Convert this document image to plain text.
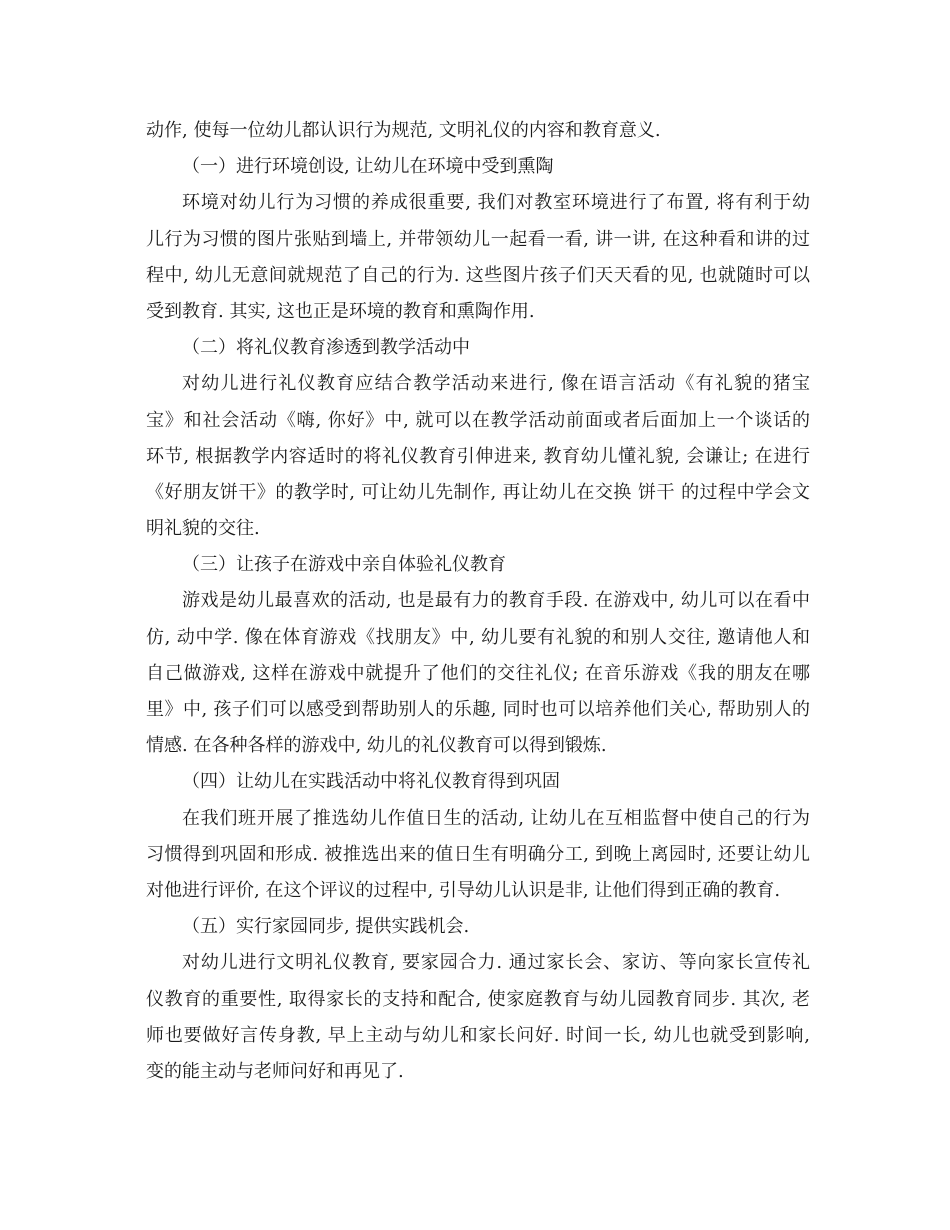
动作, 使每一位幼儿都认识行为规范, 文明礼仪的内容和教育意义.
（一）进行环境创设, 让幼儿在环境中受到熏陶
环境对幼儿行为习惯的养成很重要, 我们对教室环境进行了布置, 将有利于幼
儿行为习惯的图片张贴到墙上, 并带领幼儿一起看一看, 讲一讲, 在这种看和讲的过
程中, 幼儿无意间就规范了自己的行为. 这些图片孩子们天天看的见, 也就随时可以
受到教育. 其实, 这也正是环境的教育和熏陶作用.
（二）将礼仪教育渗透到教学活动中
对幼儿进行礼仪教育应结合教学活动来进行, 像在语言活动《有礼貌的猪宝
宝》和社会活动《嗨, 你好》中, 就可以在教学活动前面或者后面加上一个谈话的
环节, 根据教学内容适时的将礼仪教育引伸进来, 教育幼儿懂礼貌, 会谦让; 在进行
《好朋友饼干》的教学时, 可让幼儿先制作, 再让幼儿在交换 饼干 的过程中学会文
明礼貌的交往.
（三）让孩子在游戏中亲自体验礼仪教育
游戏是幼儿最喜欢的活动, 也是最有力的教育手段. 在游戏中, 幼儿可以在看中
仿, 动中学. 像在体育游戏《找朋友》中, 幼儿要有礼貌的和别人交往, 邀请他人和
自己做游戏, 这样在游戏中就提升了他们的交往礼仪; 在音乐游戏《我的朋友在哪
里》中, 孩子们可以感受到帮助别人的乐趣, 同时也可以培养他们关心, 帮助别人的
情感. 在各种各样的游戏中, 幼儿的礼仪教育可以得到锻炼.
（四）让幼儿在实践活动中将礼仪教育得到巩固
在我们班开展了推选幼儿作值日生的活动, 让幼儿在互相监督中使自己的行为
习惯得到巩固和形成. 被推选出来的值日生有明确分工, 到晚上离园时, 还要让幼儿
对他进行评价, 在这个评议的过程中, 引导幼儿认识是非, 让他们得到正确的教育.
（五）实行家园同步, 提供实践机会.
对幼儿进行文明礼仪教育, 要家园合力. 通过家长会、家访、等向家长宣传礼
仪教育的重要性, 取得家长的支持和配合, 使家庭教育与幼儿园教育同步. 其次, 老
师也要做好言传身教, 早上主动与幼儿和家长问好. 时间一长, 幼儿也就受到影响,
变的能主动与老师问好和再见了.
